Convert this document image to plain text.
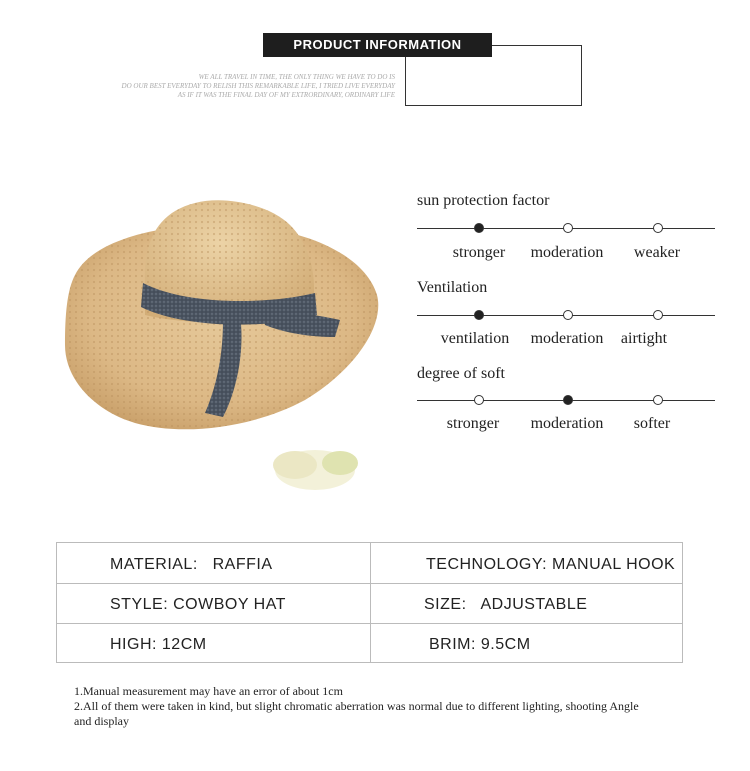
PRODUCT INFORMATION
WE ALL TRAVEL IN TIME, THE ONLY THING WE HAVE TO DO IS
DO OUR BEST EVERYDAY TO RELISH THIS REMARKABLE LIFE, I TRIED LIVE EVERYDAY
AS IF IT WAS THE FINAL DAY OF MY EXTRORDINARY, ORDINARY LIFE
sun protection factor
stronger	moderation	weaker
Ventilation
ventilation	moderation	airtight
degree of soft
stronger	moderation	softer
MATERIAL: RAFFIA	TECHNOLOGY: MANUAL HOOK
STYLE: COWBOY HAT	SIZE: ADJUSTABLE
HIGH: 12CM	BRIM: 9.5CM
1.Manual measurement may have an error of about 1cm
2.All of them were taken in kind, but slight chromatic aberration was normal due to different lighting, shooting Angle and display
